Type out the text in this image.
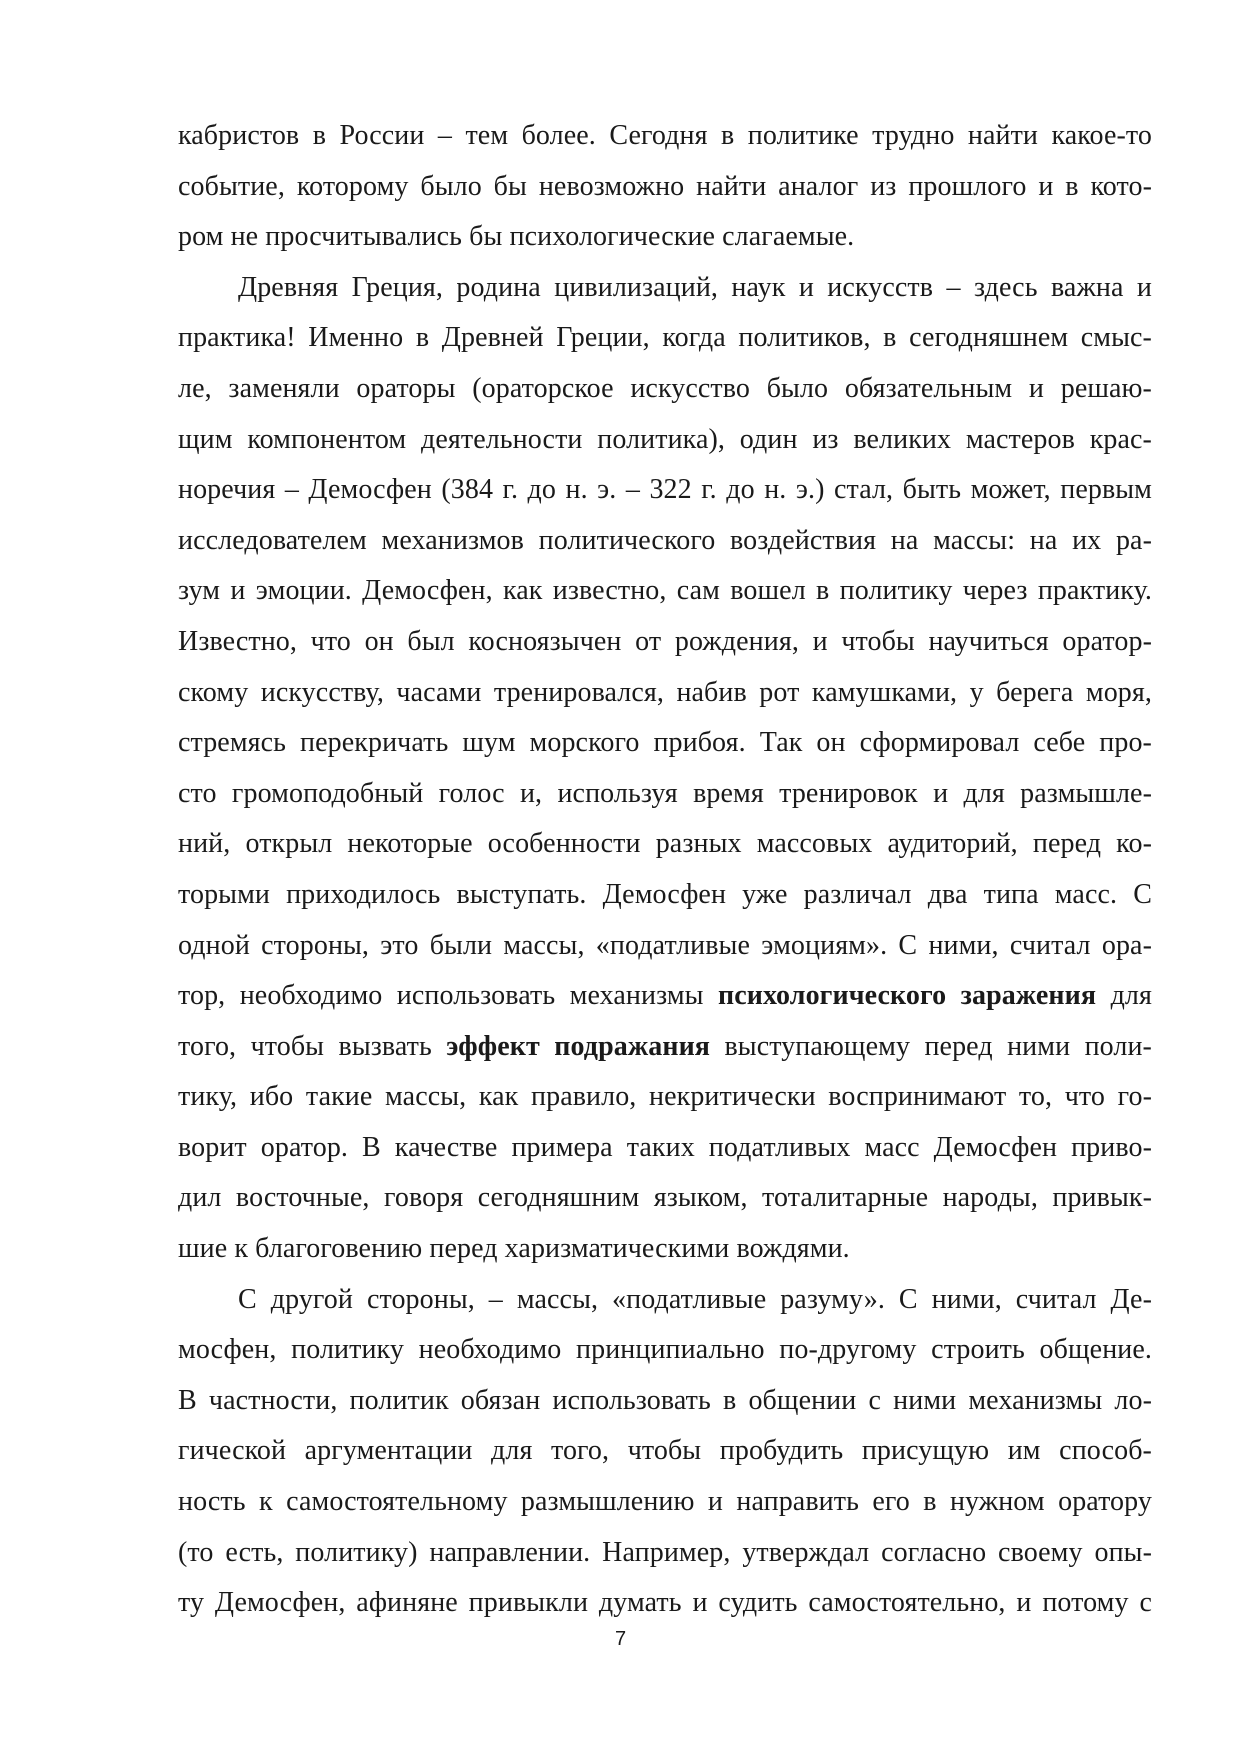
кабристов в России – тем более. Сегодня в политике трудно найти какое-то
событие, которому было бы невозможно найти аналог из прошлого и в кото-
ром не просчитывались бы психологические слагаемые.
Древняя Греция, родина цивилизаций, наук и искусств – здесь важна и
практика! Именно в Древней Греции, когда политиков, в сегодняшнем смыс-
ле, заменяли ораторы (ораторское искусство было обязательным и решаю-
щим компонентом деятельности политика), один из великих мастеров крас-
норечия – Демосфен (384 г. до н. э. – 322 г. до н. э.) стал, быть может, первым
исследователем механизмов политического воздействия на массы: на их ра-
зум и эмоции. Демосфен, как известно, сам вошел в политику через практику.
Известно, что он был косноязычен от рождения, и чтобы научиться оратор-
скому искусству, часами тренировался, набив рот камушками, у берега моря,
стремясь перекричать шум морского прибоя. Так он сформировал себе про-
сто громоподобный голос и, используя время тренировок и для размышле-
ний, открыл некоторые особенности разных массовых аудиторий, перед ко-
торыми приходилось выступать. Демосфен уже различал два типа масс. С
одной стороны, это были массы, «податливые эмоциям». С ними, считал ора-
тор, необходимо использовать механизмы психологического заражения для
того, чтобы вызвать эффект подражания выступающему перед ними поли-
тику, ибо такие массы, как правило, некритически воспринимают то, что го-
ворит оратор. В качестве примера таких податливых масс Демосфен приво-
дил восточные, говоря сегодняшним языком, тоталитарные народы, привык-
шие к благоговению перед харизматическими вождями.
С другой стороны, – массы, «податливые разуму». С ними, считал Де-
мосфен, политику необходимо принципиально по-другому строить общение.
В частности, политик обязан использовать в общении с ними механизмы ло-
гической аргументации для того, чтобы пробудить присущую им способ-
ность к самостоятельному размышлению и направить его в нужном оратору
(то есть, политику) направлении. Например, утверждал согласно своему опы-
ту Демосфен, афиняне привыкли думать и судить самостоятельно, и потому с
7
